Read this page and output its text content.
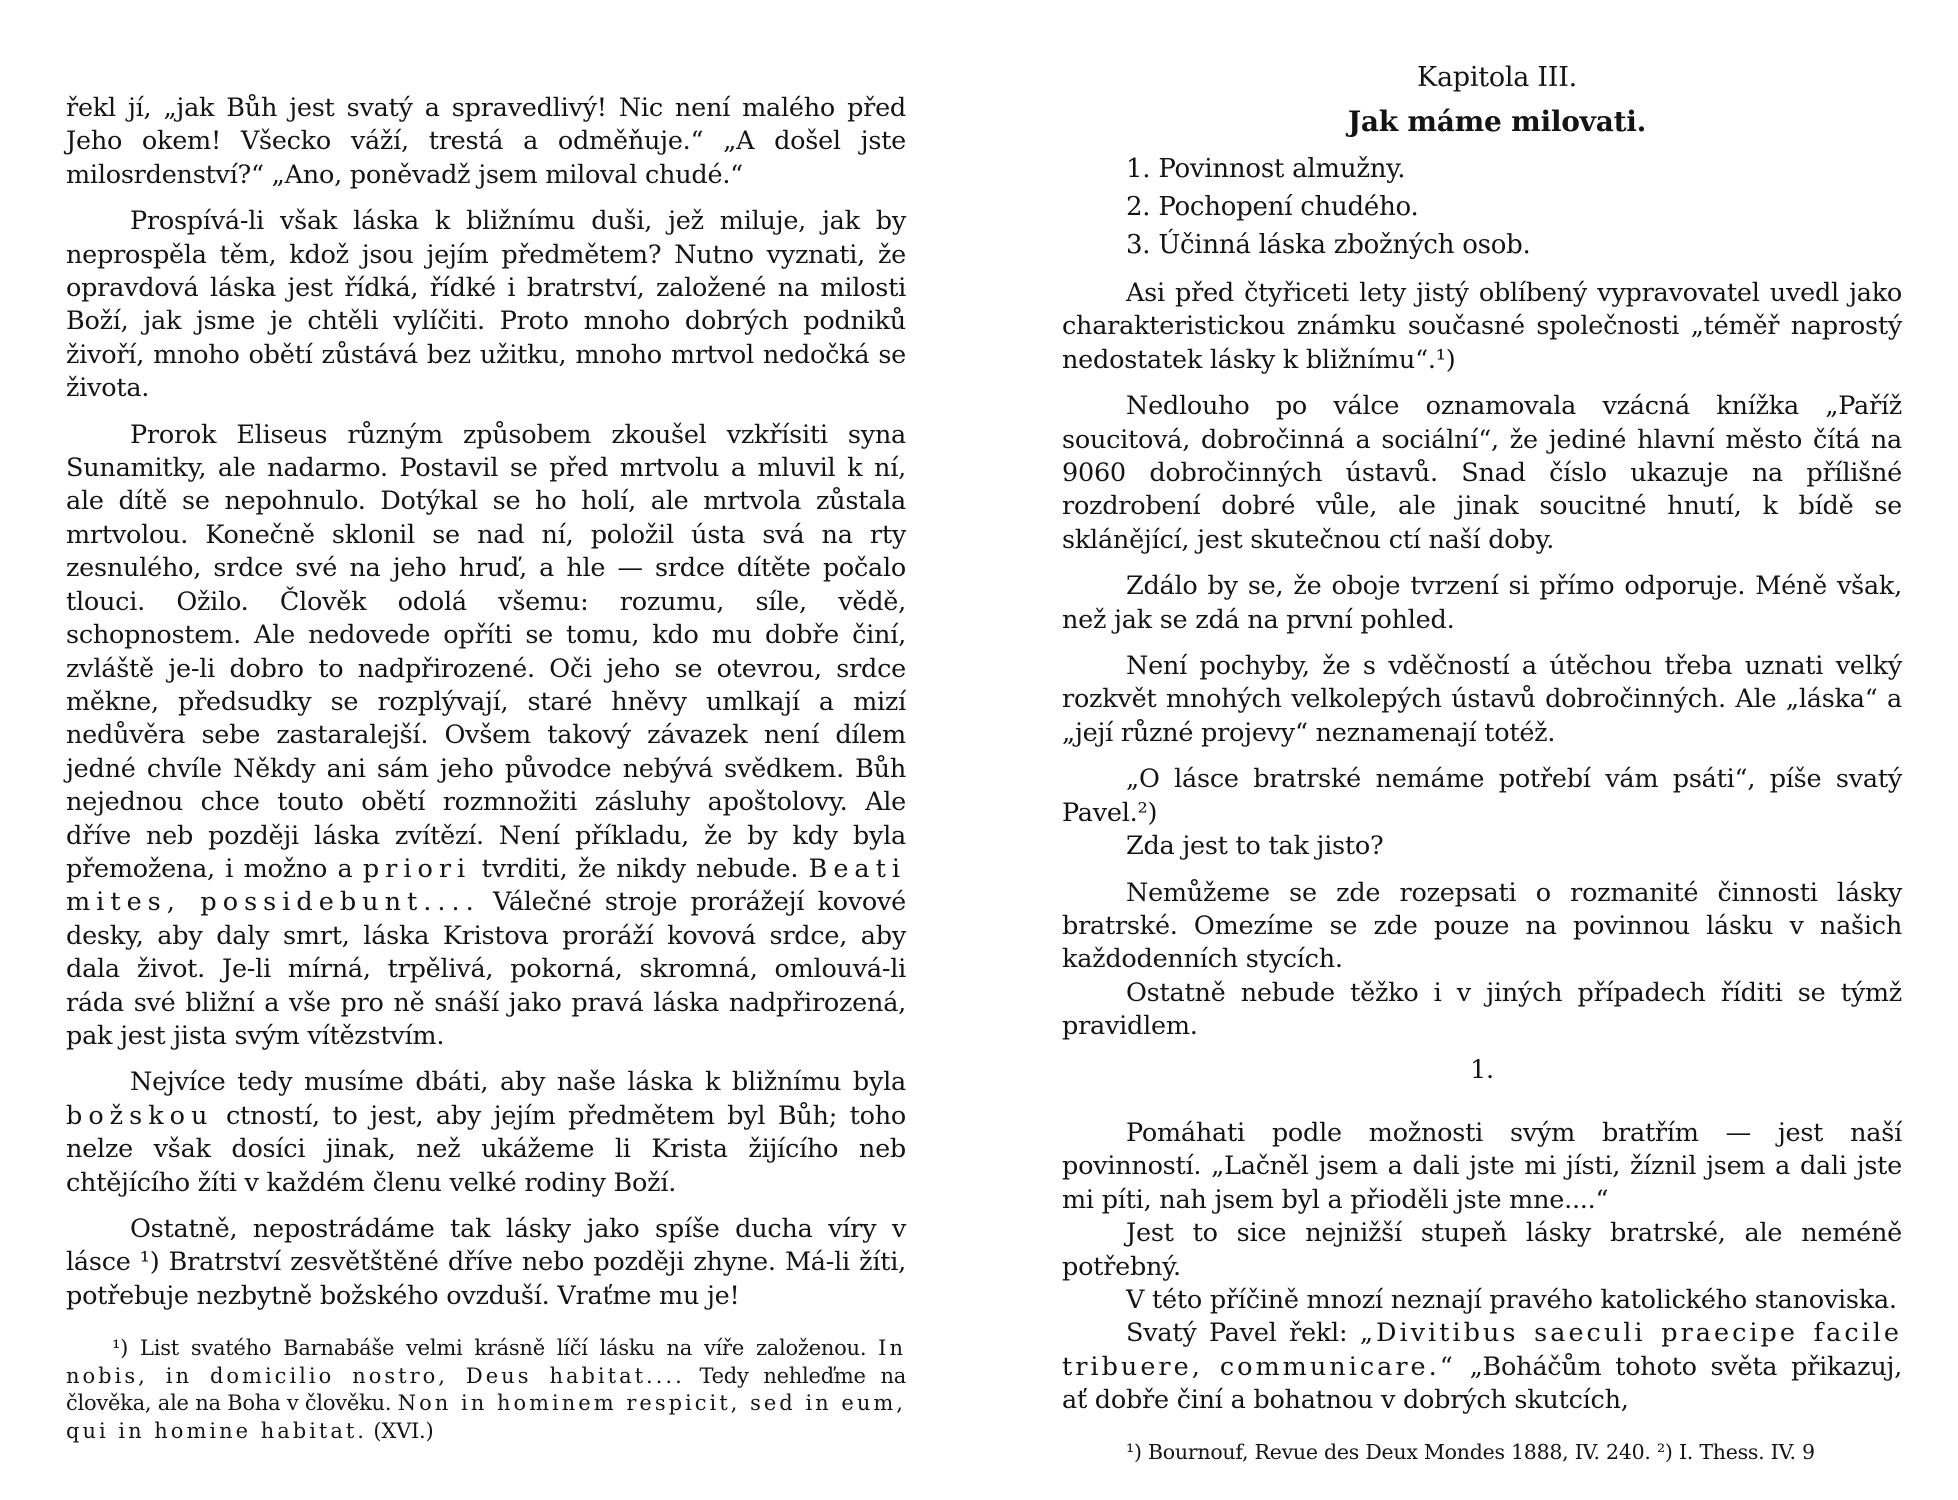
řekl jí, „jak Bůh jest svatý a spravedlivý! Nic není malého před Jeho okem! Všecko váží, trestá a odměňuje.“ „A došel jste milosrdenství?“ „Ano, poněvadž jsem miloval chudé.“

Prospívá-li však láska k bližnímu duši, jež miluje, jak by neprospěla těm, kdož jsou jejím předmětem? Nutno vyznati, že opravdová láska jest řídká, řídké i bratrství, založené na milosti Boží, jak jsme je chtěli vylíčiti. Proto mnoho dobrých podniků živoří, mnoho obětí zůstává bez užitku, mnoho mrtvol nedočká se života.

Prorok Eliseus různým způsobem zkoušel vzkřísiti syna Sunamitky, ale nadarmo. Postavil se před mrtvolu a mluvil k ní, ale dítě se nepohnulo. Dotýkal se ho holí, ale mrtvola zůstala mrtvolou. Konečně sklonil se nad ní, položil ústa svá na rty zesnulého, srdce své na jeho hruď, a hle — srdce dítěte počalo tlouci. Ožilo. Člověk odolá všemu: rozumu, síle, vědě, schopnostem. Ale nedovede opříti se tomu, kdo mu dobře činí, zvláště je-li dobro to nadpřirozené. Oči jeho se otevrou, srdce měkne, předsudky se rozplývají, staré hněvy umlkají a mizí nedůvěra sebe zastaralejší. Ovšem takový závazek není dílem jedné chvíle Někdy ani sám jeho původce nebývá svědkem. Bůh nejednou chce touto obětí rozmnožiti zásluhy apoštolovy. Ale dříve neb později láska zvítězí. Není příkladu, že by kdy byla přemožena, i možno a priori tvrditi, že nikdy nebude. Beati mites, possidebunt.... Válečné stroje prorážejí kovové desky, aby daly smrt, láska Kristova proráží kovová srdce, aby dala život. Je-li mírná, trpělivá, pokorná, skromná, omlouvá-li ráda své bližní a vše pro ně snáší jako pravá láska nadpřirozená, pak jest jista svým vítězstvím.

Nejvíce tedy musíme dbáti, aby naše láska k bližnímu byla božskou ctností, to jest, aby jejím předmětem byl Bůh; toho nelze však dosíci jinak, než ukážeme li Krista žijícího neb chtějícího žíti v každém členu velké rodiny Boží.

Ostatně, nepostrádáme tak lásky jako spíše ducha víry v lásce ¹) Bratrství zesvětštěné dříve nebo později zhyne. Má-li žíti, potřebuje nezbytně božského ovzduší. Vraťme mu je!

¹) List svatého Barnabáše velmi krásně líčí lásku na víře založenou. In nobis, in domicilio nostro, Deus habitat.... Tedy nehleďme na člověka, ale na Boha v člověku. Non in hominem respicit, sed in eum, qui in homine habitat. (XVI.)

Kapitola III.
Jak máme milovati.
1. Povinnost almužny.
2. Pochopení chudého.
3. Účinná láska zbožných osob.

Asi před čtyřiceti lety jistý oblíbený vypravovatel uvedl jako charakteristickou známku současné společnosti „téměř naprostý nedostatek lásky k bližnímu“.¹)

Nedlouho po válce oznamovala vzácná knížka „Paříž soucitová, dobročinná a sociální“, že jediné hlavní město čítá na 9060 dobročinných ústavů. Snad číslo ukazuje na přílišné rozdrobení dobré vůle, ale jinak soucitné hnutí, k bídě se sklánějící, jest skutečnou ctí naší doby.

Zdálo by se, že oboje tvrzení si přímo odporuje. Méně však, než jak se zdá na první pohled.

Není pochyby, že s vděčností a útěchou třeba uznati velký rozkvět mnohých velkolepých ústavů dobročinných. Ale „láska“ a „její různé projevy“ neznamenají totéž.

„O lásce bratrské nemáme potřebí vám psáti“, píše svatý Pavel.²)

Zda jest to tak jisto?

Nemůžeme se zde rozepsati o rozmanité činnosti lásky bratrské. Omezíme se zde pouze na povinnou lásku v našich každodenních stycích.

Ostatně nebude těžko i v jiných případech říditi se týmž pravidlem.

1.

Pomáhati podle možnosti svým bratřím — jest naší povinností. „Lačněl jsem a dali jste mi jísti, žíznil jsem a dali jste mi píti, nah jsem byl a přioděli jste mne....“

Jest to sice nejnižší stupeň lásky bratrské, ale neméně potřebný.

V této příčině mnozí neznají pravého katolického stanoviska.

Svatý Pavel řekl: „Divitibus saeculi praecipe facile tribuere, communicare.“ „Boháčům tohoto světa přikazuj, ať dobře činí a bohatnou v dobrých skutcích,

¹) Bournouf, Revue des Deux Mondes 1888, IV. 240. ²) I. Thess. IV. 9
